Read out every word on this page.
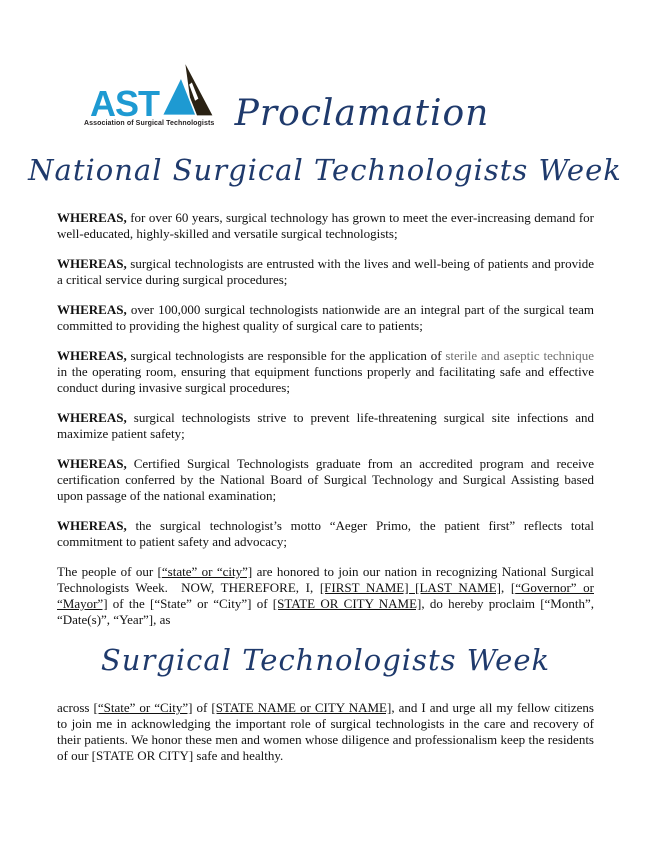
AST
Association of Surgical Technologists Proclamation
National Surgical Technologists Week

WHEREAS, for over 60 years, surgical technology has grown to meet the ever-increasing demand for well-educated, highly-skilled and versatile surgical technologists;

WHEREAS, surgical technologists are entrusted with the lives and well-being of patients and provide a critical service during surgical procedures;

WHEREAS, over 100,000 surgical technologists nationwide are an integral part of the surgical team committed to providing the highest quality of surgical care to patients;

WHEREAS, surgical technologists are responsible for the application of sterile and aseptic technique in the operating room, ensuring that equipment functions properly and facilitating safe and effective conduct during invasive surgical procedures;

WHEREAS, surgical technologists strive to prevent life-threatening surgical site infections and maximize patient safety;

WHEREAS, Certified Surgical Technologists graduate from an accredited program and receive certification conferred by the National Board of Surgical Technology and Surgical Assisting based upon passage of the national examination;

WHEREAS, the surgical technologist’s motto “Aeger Primo, the patient first” reflects total commitment to patient safety and advocacy;

The people of our [“state” or “city”] are honored to join our nation in recognizing National Surgical Technologists Week.  NOW, THEREFORE, I, [FIRST NAME] [LAST NAME], [“Governor” or “Mayor”] of the [“State” or “City”] of [STATE OR CITY NAME], do hereby proclaim [“Month”, “Date(s)”, “Year”], as

Surgical Technologists Week

across [“State” or “City”] of [STATE NAME or CITY NAME], and I and urge all my fellow citizens to join me in acknowledging the important role of surgical technologists in the care and recovery of their patients. We honor these men and women whose diligence and professionalism keep the residents of our [STATE OR CITY] safe and healthy.
